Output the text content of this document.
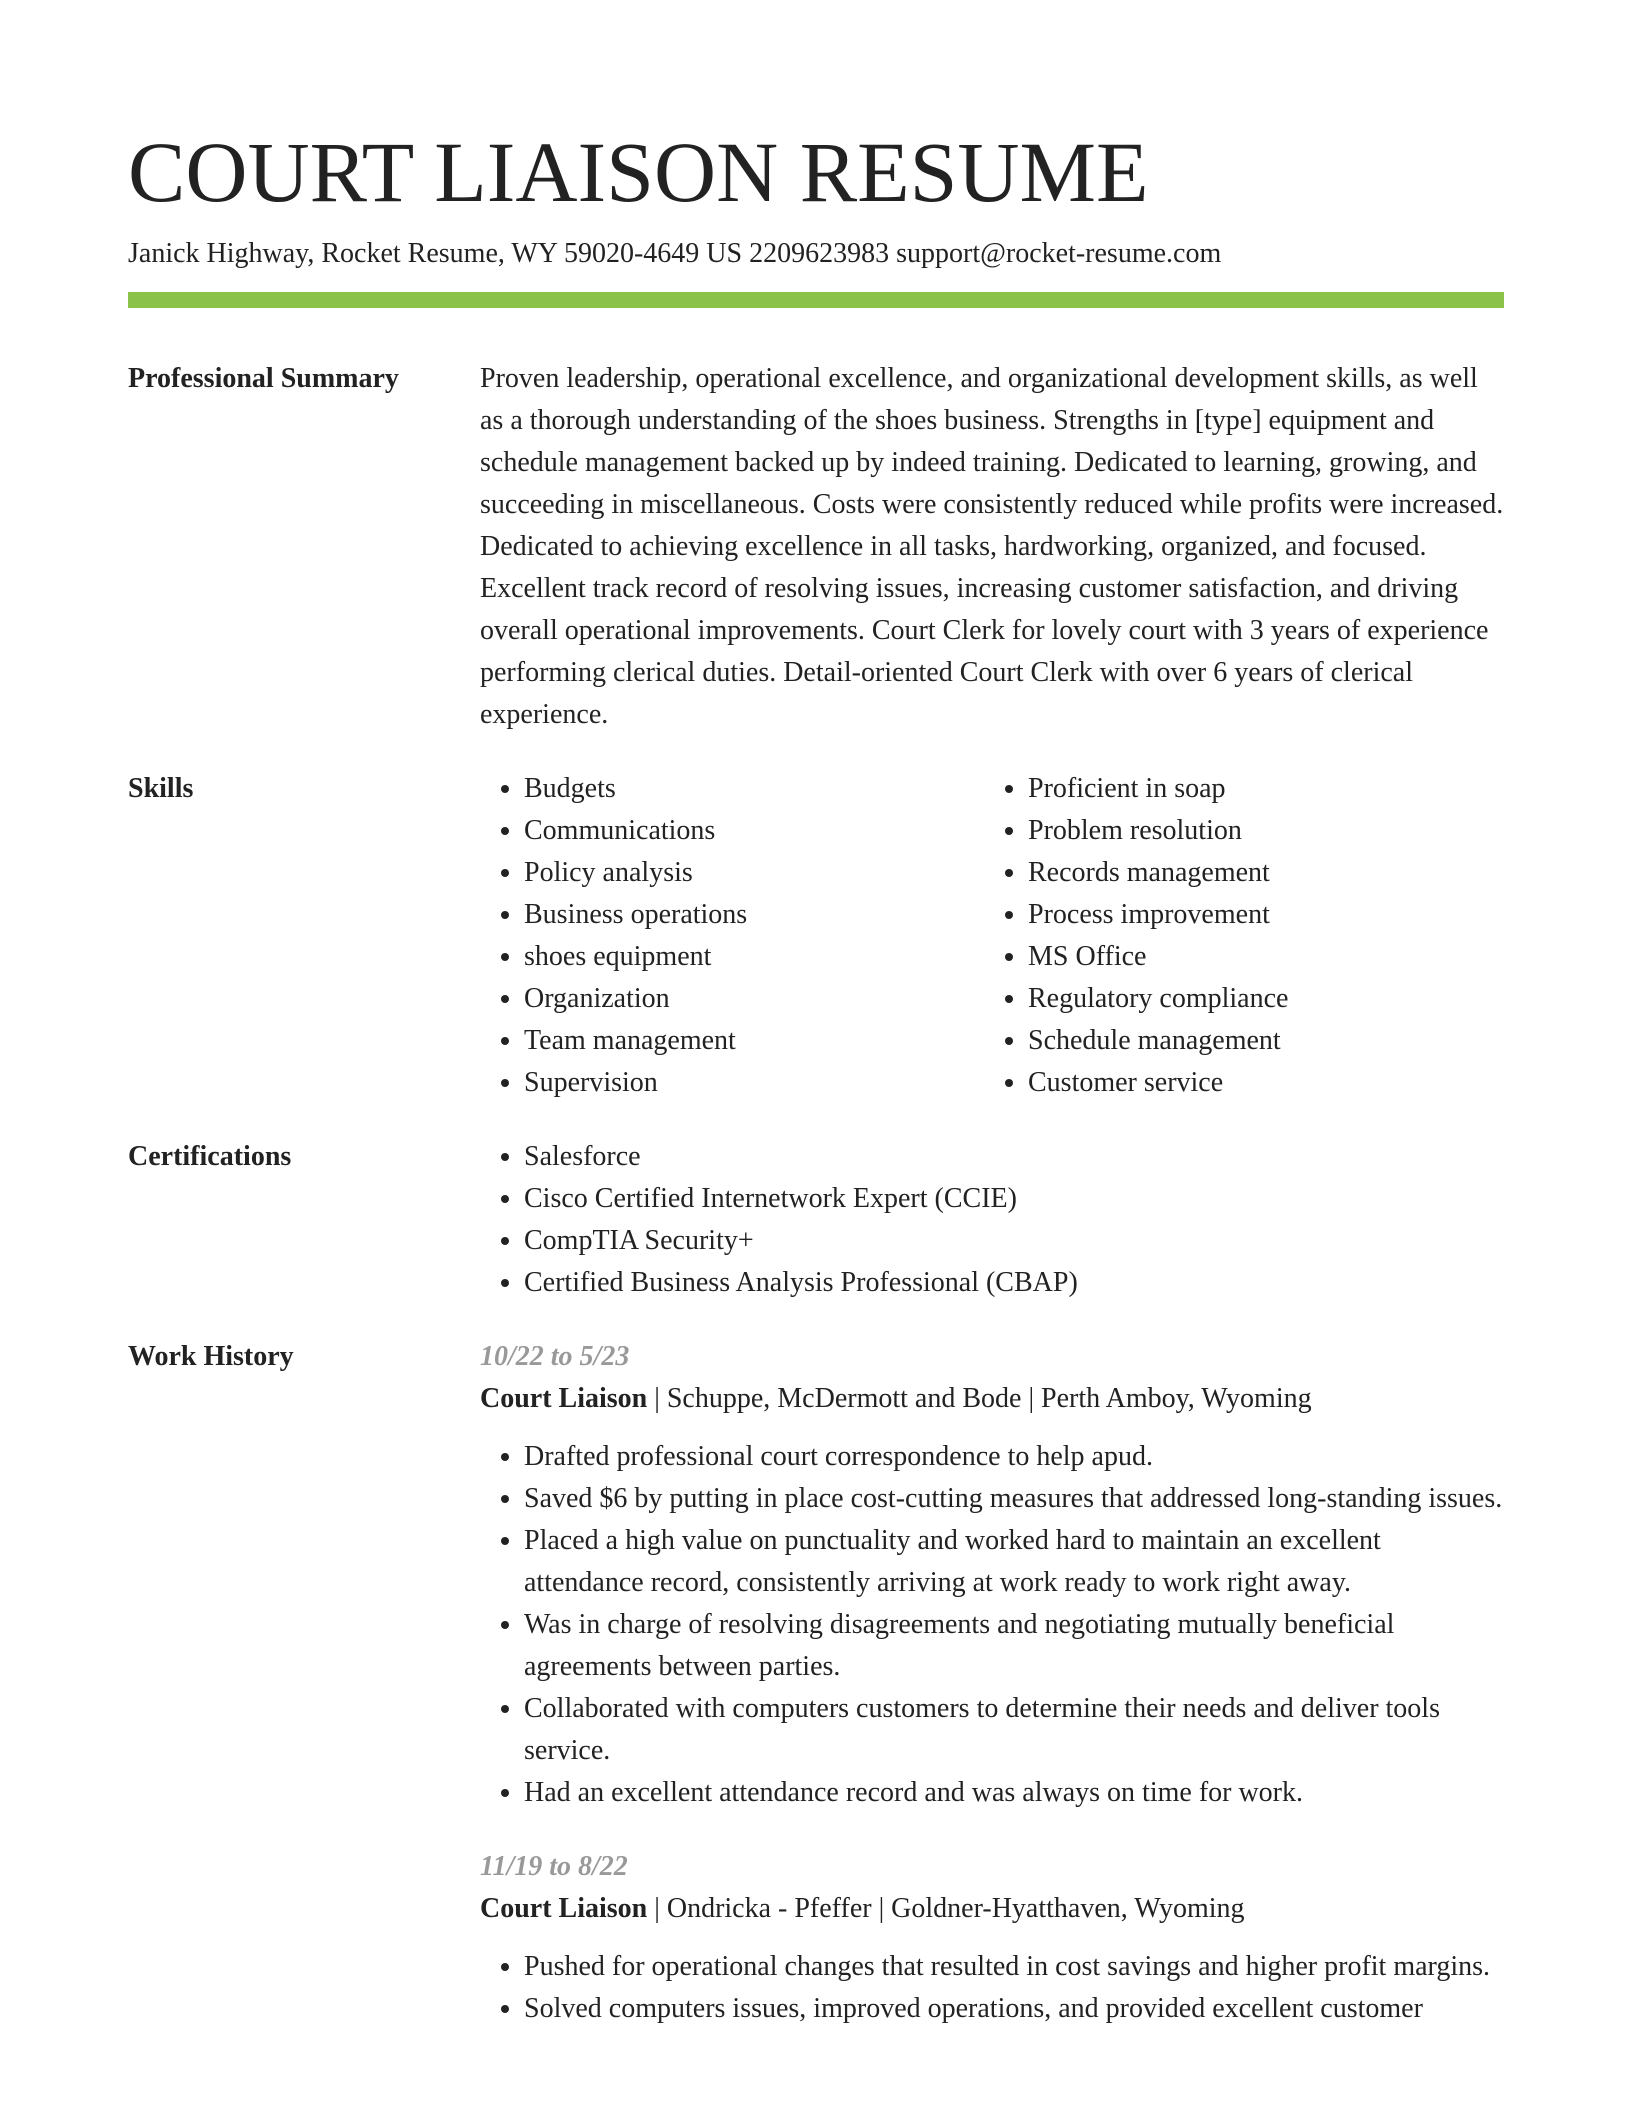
COURT LIAISON RESUME
Janick Highway, Rocket Resume, WY 59020-4649 US 2209623983 support@rocket-resume.com
Professional Summary	Proven leadership, operational excellence, and organizational development skills, as well as a thorough understanding of the shoes business. Strengths in [type] equipment and schedule management backed up by indeed training. Dedicated to learning, growing, and succeeding in miscellaneous. Costs were consistently reduced while profits were increased. Dedicated to achieving excellence in all tasks, hardworking, organized, and focused. Excellent track record of resolving issues, increasing customer satisfaction, and driving overall operational improvements. Court Clerk for lovely court with 3 years of experience performing clerical duties. Detail-oriented Court Clerk with over 6 years of clerical experience.

Skills	• Budgets
• Communications
• Policy analysis
• Business operations
• shoes equipment
• Organization
• Team management
• Supervision
• Proficient in soap
• Problem resolution
• Records management
• Process improvement
• MS Office
• Regulatory compliance
• Schedule management
• Customer service
Certifications	• Salesforce
• Cisco Certified Internetwork Expert (CCIE)
• CompTIA Security+
• Certified Business Analysis Professional (CBAP)
Work History	10/22 to 5/23
Court Liaison | Schuppe, McDermott and Bode | Perth Amboy, Wyoming
• Drafted professional court correspondence to help apud.
• Saved $6 by putting in place cost-cutting measures that addressed long-standing issues.
• Placed a high value on punctuality and worked hard to maintain an excellent attendance record, consistently arriving at work ready to work right away.
• Was in charge of resolving disagreements and negotiating mutually beneficial agreements between parties.
• Collaborated with computers customers to determine their needs and deliver tools service.
• Had an excellent attendance record and was always on time for work.
11/19 to 8/22
Court Liaison | Ondricka - Pfeffer | Goldner-Hyatthaven, Wyoming
• Pushed for operational changes that resulted in cost savings and higher profit margins.
• Solved computers issues, improved operations, and provided excellent customer
